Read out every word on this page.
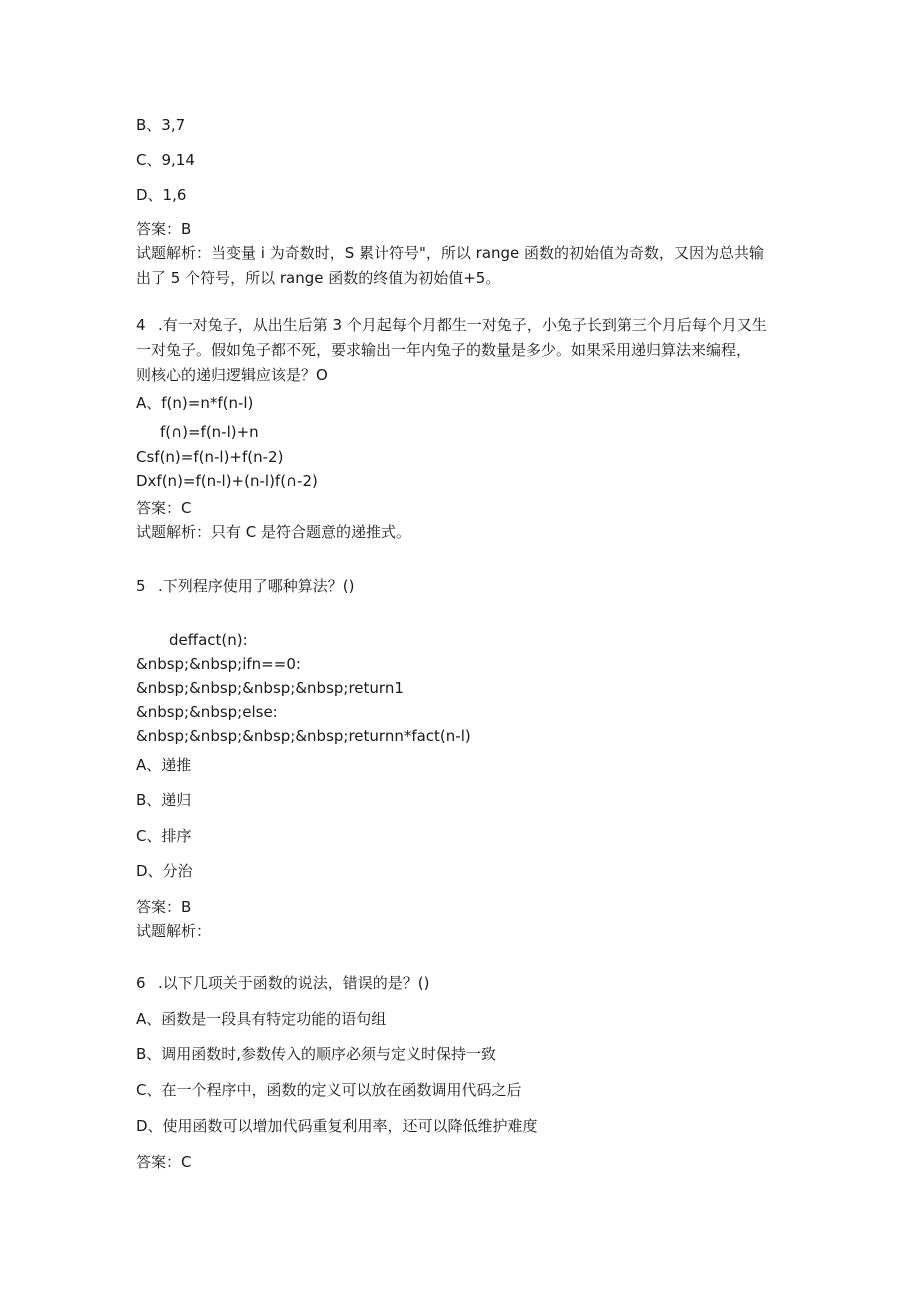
B、3,7
C、9,14
D、1,6
答案：B
试题解析：当变量 i 为奇数时，S 累计符号"，所以 range 函数的初始值为奇数，又因为总共输
出了 5 个符号，所以 range 函数的终值为初始值+5。
4 .有一对兔子，从出生后第 3 个月起每个月都生一对兔子，小兔子长到第三个月后每个月又生
一对兔子。假如兔子都不死，要求输出一年内兔子的数量是多少。如果采用递归算法来编程，
则核心的递归逻辑应该是？O
A、f(n)=n*f(n-l)
f(∩)=f(n-l)+n
Csf(n)=f(n-l)+f(n-2)
Dxf(n)=f(n-l)+(n-l)f(∩-2)
答案：C
试题解析：只有 C 是符合题意的递推式。
5 .下列程序使用了哪种算法？()
deffact(n):
&nbsp;&nbsp;ifn==0:
&nbsp;&nbsp;&nbsp;&nbsp;return1
&nbsp;&nbsp;else:
&nbsp;&nbsp;&nbsp;&nbsp;returnn*fact(n-l)
A、递推
B、递归
C、排序
D、分治
答案：B
试题解析：
6 .以下几项关于函数的说法，错误的是？()
A、函数是一段具有特定功能的语句组
B、调用函数时,参数传入的顺序必须与定义时保持一致
C、在一个程序中，函数的定义可以放在函数调用代码之后
D、使用函数可以增加代码重复利用率，还可以降低维护难度
答案：C
